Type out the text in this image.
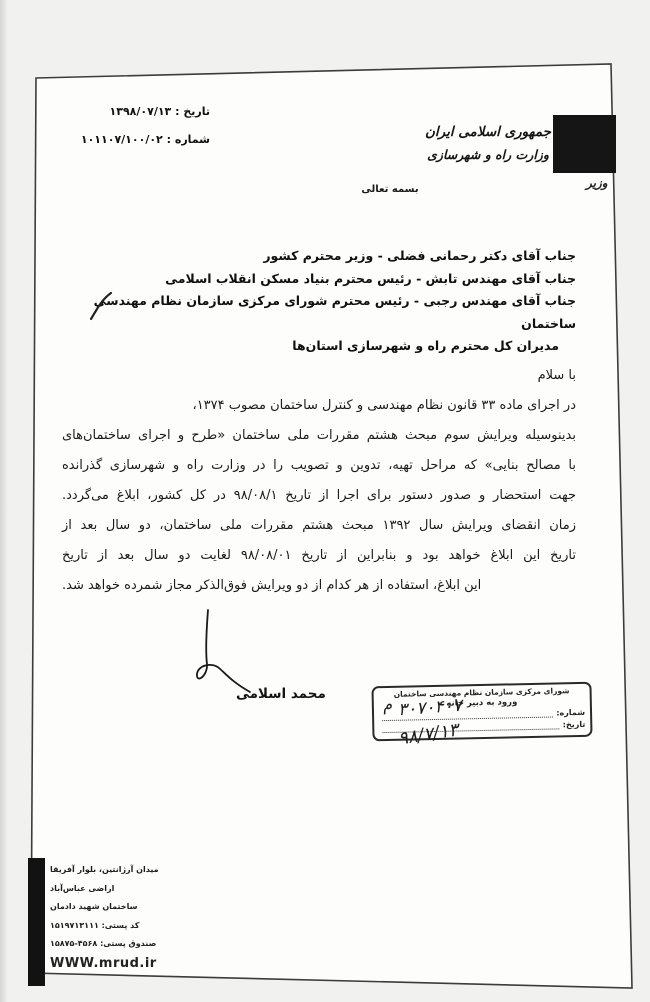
تاریخ : ۱۳۹۸/۰۷/۱۳
شماره : ۱۰۱۱۰۷/۱۰۰/۰۲	جمهوری اسلامی ایران
وزارت راه و شهرسازی
وزیر
بسمه تعالی
جناب آقای دکتر رحمانی فضلی - وزیر محترم کشور
جناب آقای مهندس تابش - رئیس محترم بنیاد مسکن انقلاب اسلامی
جناب آقای مهندس رجبی - رئیس محترم شورای مرکزی سازمان نظام مهندسی ساختمان
مدیران کل محترم راه و شهرسازی استان‌ها
با سلام
در اجرای ماده ۳۳ قانون نظام مهندسی و کنترل ساختمان مصوب ۱۳۷۴،
بدینوسیله ویرایش سوم مبحث هشتم مقررات ملی ساختمان «طرح و اجرای ساختمان‌های
با مصالح بنایی» که مراحل تهیه، تدوین و تصویب را در وزارت راه و شهرسازی گذرانده
جهت استحضار و صدور دستور برای اجرا از تاریخ ۹۸/۰۸/۱ در کل کشور، ابلاغ می‌گردد.
زمان انقضای ویرایش سال ۱۳۹۲ مبحث هشتم مقررات ملی ساختمان، دو سال بعد از
تاریخ این ابلاغ خواهد بود و بنابراین از تاریخ ۹۸/۰۸/۰۱ لغایت دو سال بعد از تاریخ
این ابلاغ، استفاده از هر کدام از دو ویرایش فوق‌الذکر مجاز شمرده خواهد شد.
محمد اسلامی	شورای مرکزی سازمان نظام مهندسی ساختمان
ورود به دبیر خانه
شماره:
تاریخ:
م ۳۰۷۰۴۰۷
۹۸/۷/۱۳
میدان آرژانتین، بلوار آفریقا
اراضی عباس‌آباد
ساختمان شهید دادمان
کد پستی: ۱۵۱۹۷۱۳۱۱۱
صندوق پستی: ۴۵۶۸-۱۵۸۷۵
WWW.mrud.ir
